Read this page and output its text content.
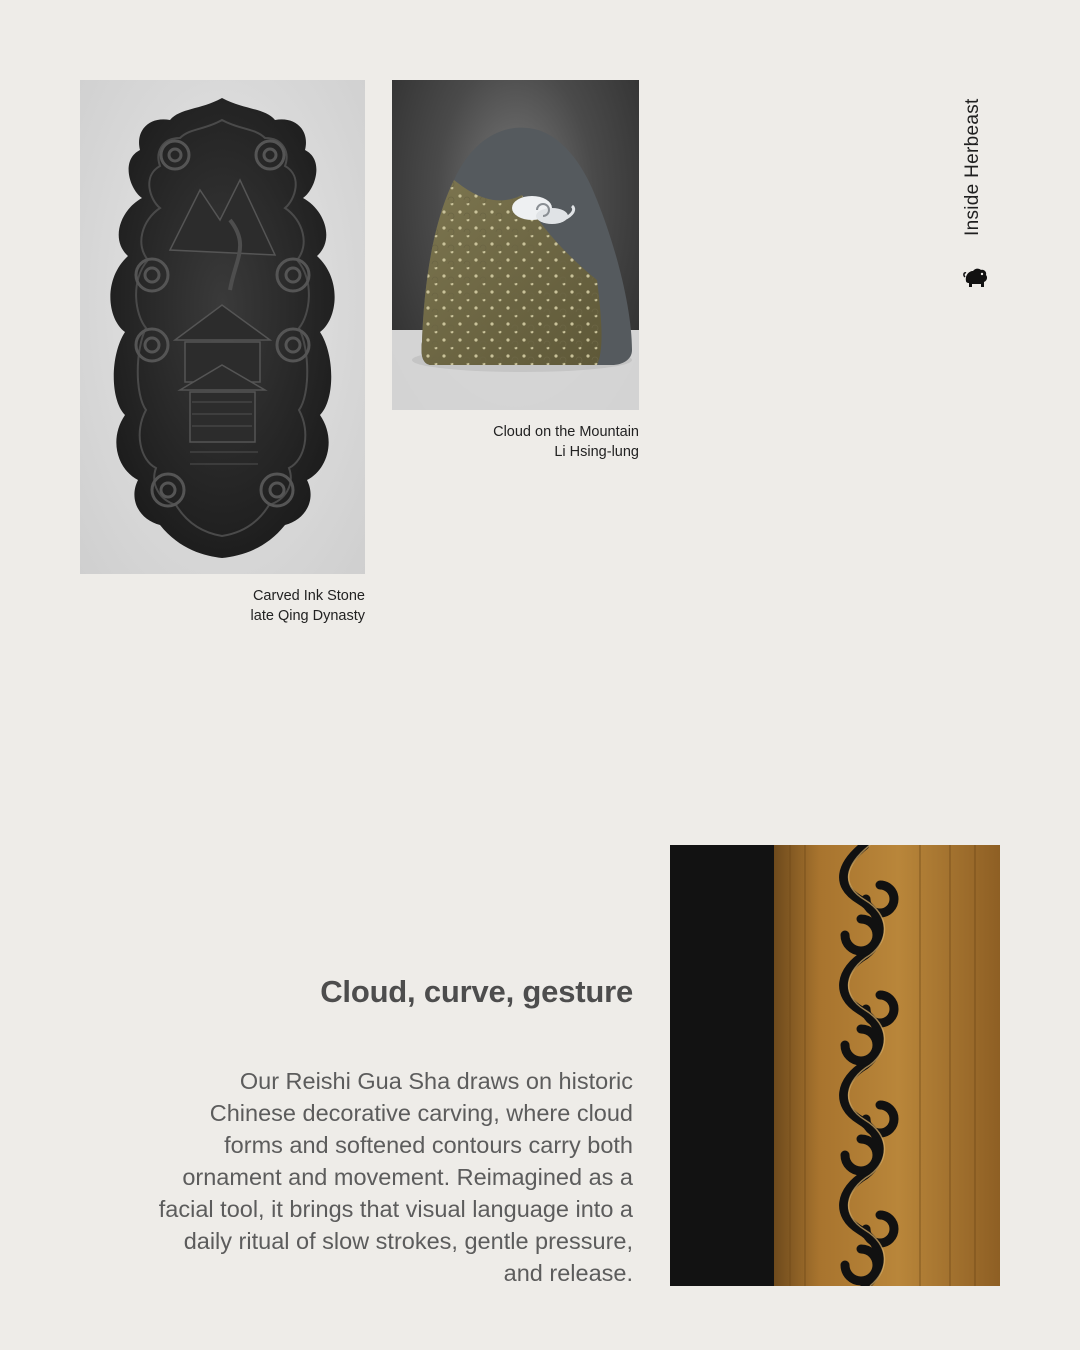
Carved Ink Stone
late Qing Dynasty
Cloud on the Mountain
Li Hsing-lung
Inside Herbeast
Cloud, curve, gesture
Our Reishi Gua Sha draws on historic Chinese decorative carving, where cloud forms and softened contours carry both ornament and movement. Reimagined as a facial tool, it brings that visual language into a daily ritual of slow strokes, gentle pressure, and release.
